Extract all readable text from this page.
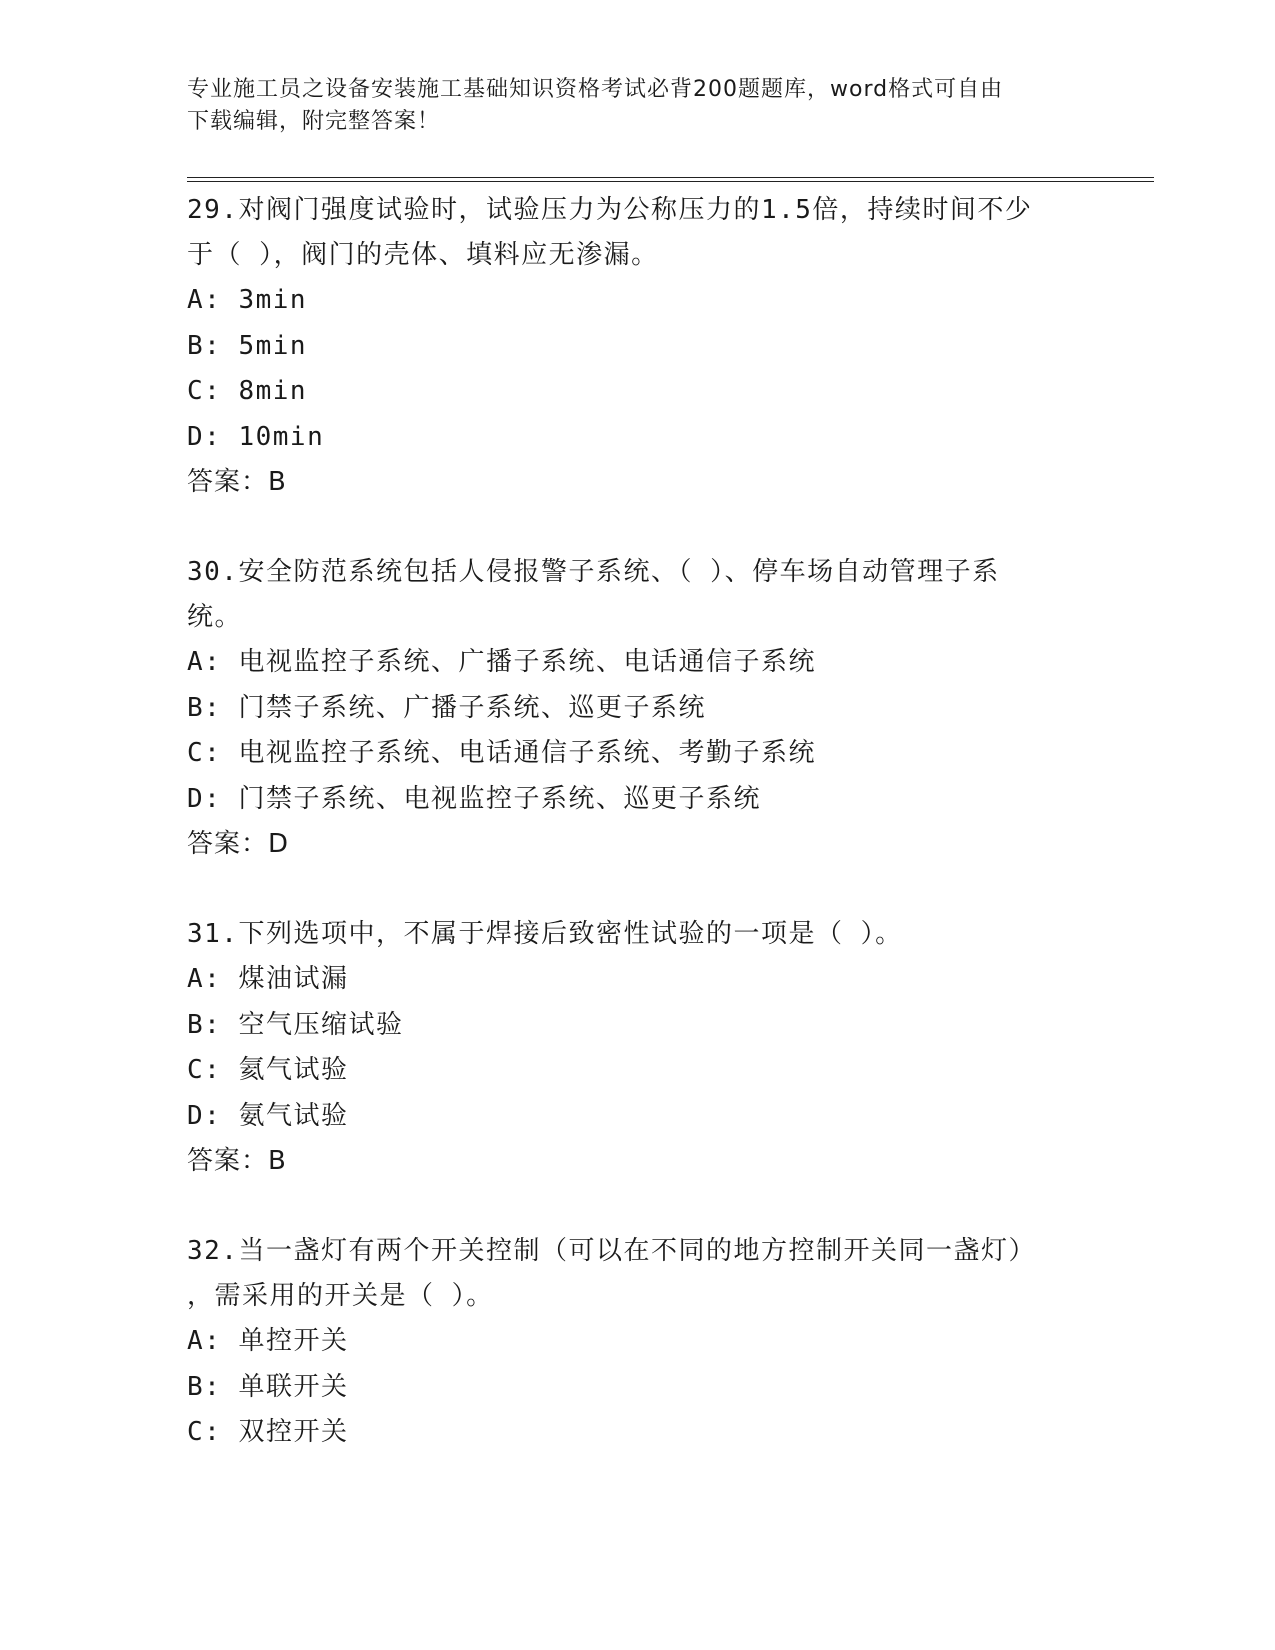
专业施工员之设备安装施工基础知识资格考试必背200题题库，word格式可自由
下载编辑，附完整答案！
29.对阀门强度试验时，试验压力为公称压力的1.5倍，持续时间不少
于（ ），阀门的壳体、填料应无渗漏。
A: 3min
B: 5min
C: 8min
D: 10min
答案：B
30.安全防范系统包括人侵报警子系统、（ ）、停车场自动管理子系
统。
A: 电视监控子系统、广播子系统、电话通信子系统
B: 门禁子系统、广播子系统、巡更子系统
C: 电视监控子系统、电话通信子系统、考勤子系统
D: 门禁子系统、电视监控子系统、巡更子系统
答案：D
31.下列选项中，不属于焊接后致密性试验的一项是（ ）。
A: 煤油试漏
B: 空气压缩试验
C: 氦气试验
D: 氨气试验
答案：B
32.当一盏灯有两个开关控制（可以在不同的地方控制开关同一盏灯）
，需采用的开关是（ ）。
A: 单控开关
B: 单联开关
C: 双控开关
